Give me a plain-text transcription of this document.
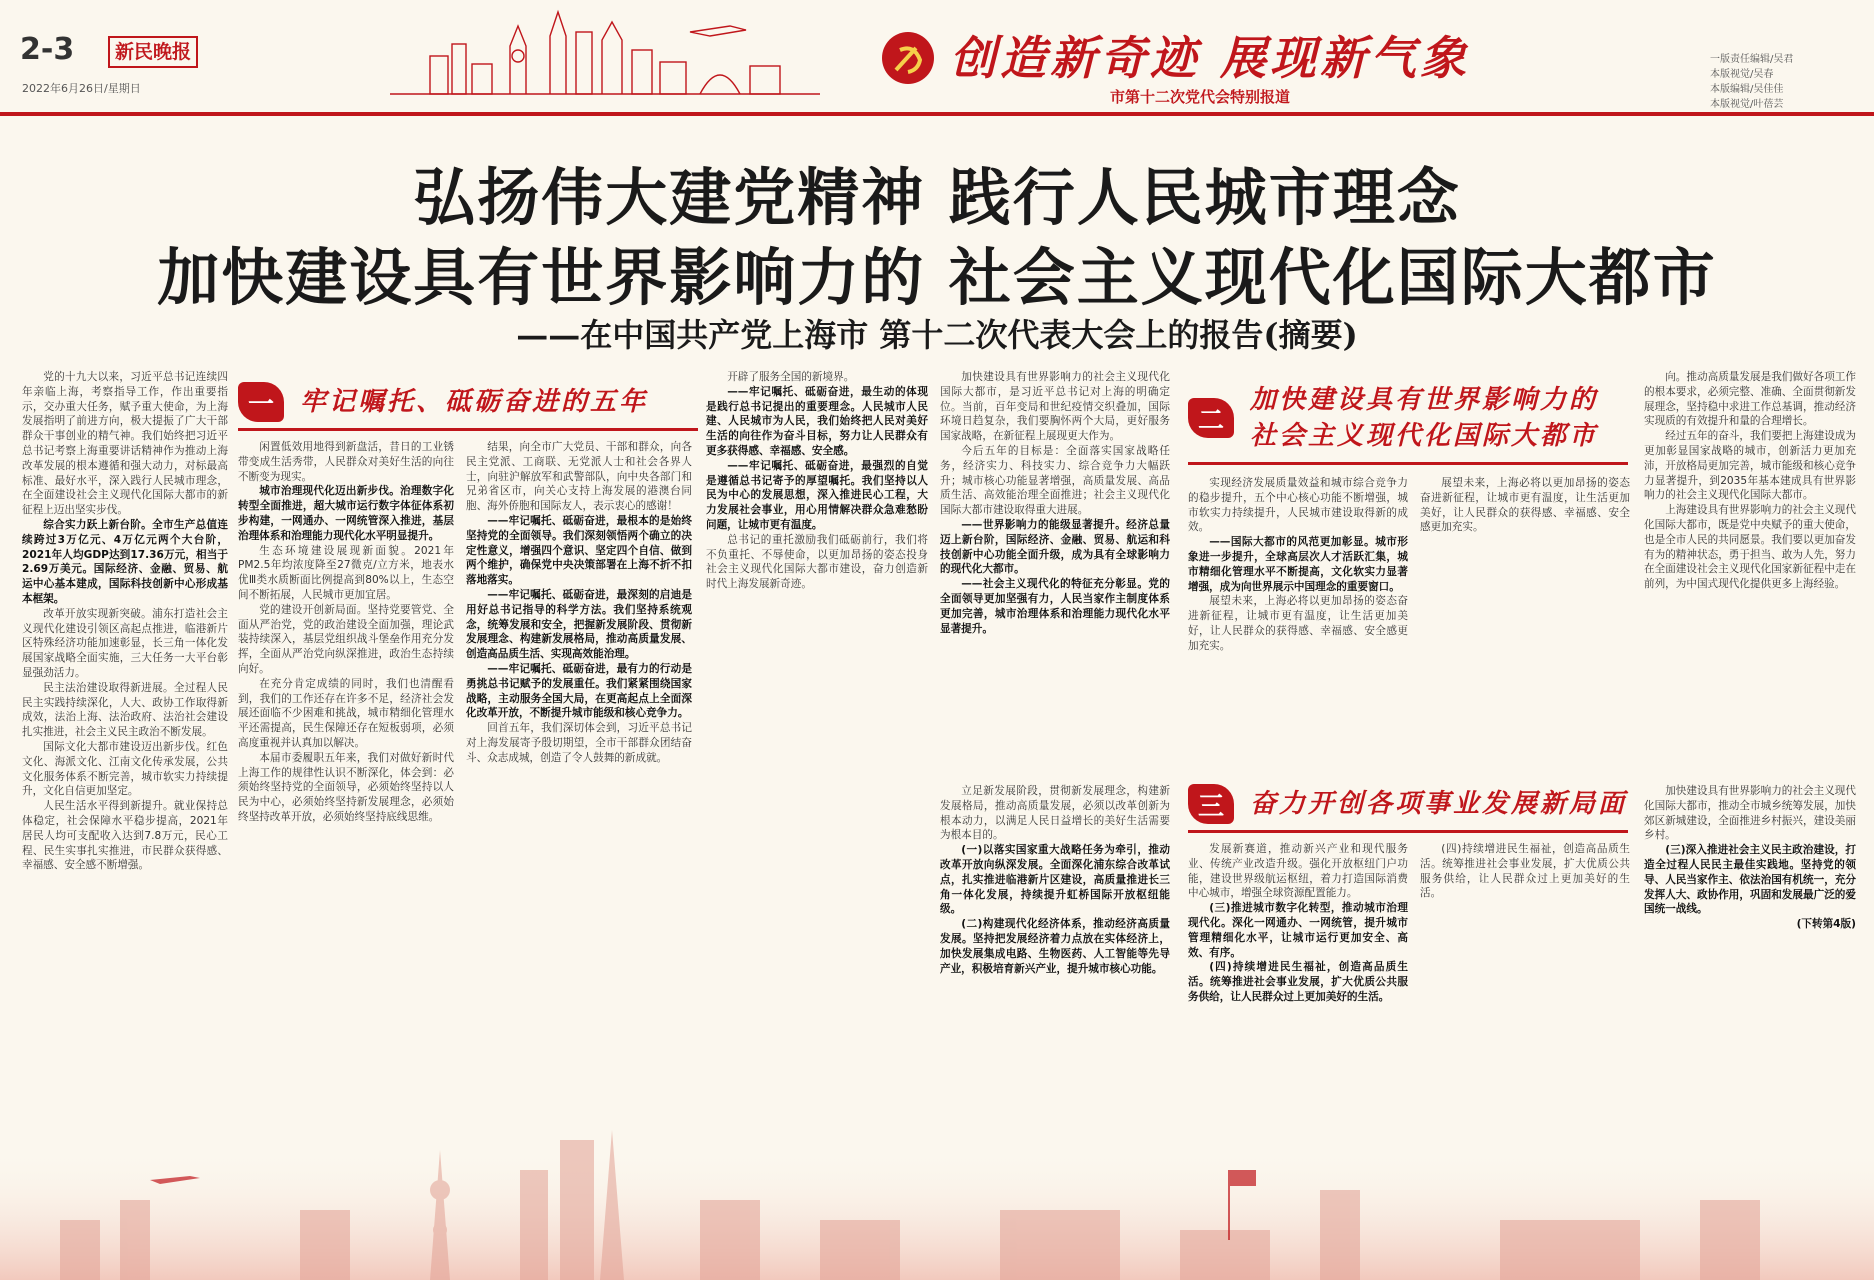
2-3	新民晚报
2022年6月26日/星期日
创造新奇迹 展现新气象
市第十二次党代会特别报道
一版责任编辑/吴君
本版视觉/吴春
本版编辑/吴佳佳
本版视觉/叶蓓芸
弘扬伟大建党精神 践行人民城市理念
加快建设具有世界影响力的 社会主义现代化国际大都市
——在中国共产党上海市 第十二次代表大会上的报告(摘要)
一	牢记嘱托、砥砺奋进的五年
二
加快建设具有世界影响力的
社会主义现代化国际大都市
三	奋力开创各项事业发展新局面

党的十九大以来，习近平总书记连续四年亲临上海，考察指导工作，作出重要指示，交办重大任务，赋予重大使命，为上海发展指明了前进方向，极大提振了广大干部群众干事创业的精气神。我们始终把习近平总书记考察上海重要讲话精神作为推动上海改革发展的根本遵循和强大动力，对标最高标准、最好水平，深入践行人民城市理念，在全面建设社会主义现代化国际大都市的新征程上迈出坚实步伐。

综合实力跃上新台阶。全市生产总值连续跨过3万亿元、4万亿元两个大台阶，2021年人均GDP达到17.36万元，相当于2.69万美元。国际经济、金融、贸易、航运中心基本建成，国际科技创新中心形成基本框架。

改革开放实现新突破。浦东打造社会主义现代化建设引领区高起点推进，临港新片区特殊经济功能加速彰显，长三角一体化发展国家战略全面实施，三大任务一大平台彰显强劲活力。

民主法治建设取得新进展。全过程人民民主实践持续深化，人大、政协工作取得新成效，法治上海、法治政府、法治社会建设扎实推进，社会主义民主政治不断发展。

国际文化大都市建设迈出新步伐。红色文化、海派文化、江南文化传承发展，公共文化服务体系不断完善，城市软实力持续提升，文化自信更加坚定。

人民生活水平得到新提升。就业保持总体稳定，社会保障水平稳步提高，2021年居民人均可支配收入达到7.8万元，民心工程、民生实事扎实推进，市民群众获得感、幸福感、安全感不断增强。

闲置低效用地得到新盘活，昔日的工业锈带变成生活秀带，人民群众对美好生活的向往不断变为现实。

城市治理现代化迈出新步伐。治理数字化转型全面推进，超大城市运行数字体征体系初步构建，一网通办、一网统管深入推进，基层治理体系和治理能力现代化水平明显提升。

生态环境建设展现新面貌。2021年PM2.5年均浓度降至27微克/立方米，地表水优Ⅲ类水质断面比例提高到80%以上，生态空间不断拓展，人民城市更加宜居。

党的建设开创新局面。坚持党要管党、全面从严治党，党的政治建设全面加强，理论武装持续深入，基层党组织战斗堡垒作用充分发挥，全面从严治党向纵深推进，政治生态持续向好。

在充分肯定成绩的同时，我们也清醒看到，我们的工作还存在许多不足，经济社会发展还面临不少困难和挑战，城市精细化管理水平还需提高，民生保障还存在短板弱项，必须高度重视并认真加以解决。

本届市委履职五年来，我们对做好新时代上海工作的规律性认识不断深化，体会到：必须始终坚持党的全面领导，必须始终坚持以人民为中心，必须始终坚持新发展理念，必须始终坚持改革开放，必须始终坚持底线思维。

结果，向全市广大党员、干部和群众，向各民主党派、工商联、无党派人士和社会各界人士，向驻沪解放军和武警部队，向中央各部门和兄弟省区市，向关心支持上海发展的港澳台同胞、海外侨胞和国际友人，表示衷心的感谢！

——牢记嘱托、砥砺奋进，最根本的是始终坚持党的全面领导。我们深刻领悟两个确立的决定性意义，增强四个意识、坚定四个自信、做到两个维护，确保党中央决策部署在上海不折不扣落地落实。

——牢记嘱托、砥砺奋进，最深刻的启迪是用好总书记指导的科学方法。我们坚持系统观念，统筹发展和安全，把握新发展阶段、贯彻新发展理念、构建新发展格局，推动高质量发展、创造高品质生活、实现高效能治理。

——牢记嘱托、砥砺奋进，最有力的行动是勇挑总书记赋予的发展重任。我们紧紧围绕国家战略，主动服务全国大局，在更高起点上全面深化改革开放，不断提升城市能级和核心竞争力。

回首五年，我们深切体会到，习近平总书记对上海发展寄予殷切期望，全市干部群众团结奋斗、众志成城，创造了令人鼓舞的新成就。

开辟了服务全国的新境界。

——牢记嘱托、砥砺奋进，最生动的体现是践行总书记提出的重要理念。人民城市人民建、人民城市为人民，我们始终把人民对美好生活的向往作为奋斗目标，努力让人民群众有更多获得感、幸福感、安全感。

——牢记嘱托、砥砺奋进，最强烈的自觉是遵循总书记寄予的厚望嘱托。我们坚持以人民为中心的发展思想，深入推进民心工程，大力发展社会事业，用心用情解决群众急难愁盼问题，让城市更有温度。

总书记的重托激励我们砥砺前行，我们将不负重托、不辱使命，以更加昂扬的姿态投身社会主义现代化国际大都市建设，奋力创造新时代上海发展新奇迹。

加快建设具有世界影响力的社会主义现代化国际大都市，是习近平总书记对上海的明确定位。当前，百年变局和世纪疫情交织叠加，国际环境日趋复杂，我们要胸怀两个大局，更好服务国家战略，在新征程上展现更大作为。

今后五年的目标是：全面落实国家战略任务，经济实力、科技实力、综合竞争力大幅跃升；城市核心功能显著增强，高质量发展、高品质生活、高效能治理全面推进；社会主义现代化国际大都市建设取得重大进展。

——世界影响力的能级显著提升。经济总量迈上新台阶，国际经济、金融、贸易、航运和科技创新中心功能全面升级，成为具有全球影响力的现代化大都市。

——社会主义现代化的特征充分彰显。党的全面领导更加坚强有力，人民当家作主制度体系更加完善，城市治理体系和治理能力现代化水平显著提升。

立足新发展阶段，贯彻新发展理念，构建新发展格局，推动高质量发展，必须以改革创新为根本动力，以满足人民日益增长的美好生活需要为根本目的。

(一)以落实国家重大战略任务为牵引，推动改革开放向纵深发展。全面深化浦东综合改革试点，扎实推进临港新片区建设，高质量推进长三角一体化发展，持续提升虹桥国际开放枢纽能级。

(二)构建现代化经济体系，推动经济高质量发展。坚持把发展经济着力点放在实体经济上，加快发展集成电路、生物医药、人工智能等先导产业，积极培育新兴产业，提升城市核心功能。

实现经济发展质量效益和城市综合竞争力的稳步提升，五个中心核心功能不断增强，城市软实力持续提升，人民城市建设取得新的成效。

——国际大都市的风范更加彰显。城市形象进一步提升，全球高层次人才活跃汇集，城市精细化管理水平不断提高，文化软实力显著增强，成为向世界展示中国理念的重要窗口。

展望未来，上海必将以更加昂扬的姿态奋进新征程，让城市更有温度，让生活更加美好，让人民群众的获得感、幸福感、安全感更加充实。

发展新赛道，推动新兴产业和现代服务业、传统产业改造升级。强化开放枢纽门户功能，建设世界级航运枢纽，着力打造国际消费中心城市，增强全球资源配置能力。

(三)推进城市数字化转型，推动城市治理现代化。深化一网通办、一网统管，提升城市管理精细化水平，让城市运行更加安全、高效、有序。

(四)持续增进民生福祉，创造高品质生活。统筹推进社会事业发展，扩大优质公共服务供给，让人民群众过上更加美好的生活。

展望未来，上海必将以更加昂扬的姿态奋进新征程，让城市更有温度，让生活更加美好，让人民群众的获得感、幸福感、安全感更加充实。

(四)持续增进民生福祉，创造高品质生活。统筹推进社会事业发展，扩大优质公共服务供给，让人民群众过上更加美好的生活。

向。推动高质量发展是我们做好各项工作的根本要求，必须完整、准确、全面贯彻新发展理念，坚持稳中求进工作总基调，推动经济实现质的有效提升和量的合理增长。

经过五年的奋斗，我们要把上海建设成为更加彰显国家战略的城市，创新活力更加充沛，开放格局更加完善，城市能级和核心竞争力显著提升，到2035年基本建成具有世界影响力的社会主义现代化国际大都市。

上海建设具有世界影响力的社会主义现代化国际大都市，既是党中央赋予的重大使命，也是全市人民的共同愿景。我们要以更加奋发有为的精神状态，勇于担当、敢为人先，努力在全面建设社会主义现代化国家新征程中走在前列，为中国式现代化提供更多上海经验。

加快建设具有世界影响力的社会主义现代化国际大都市，推动全市城乡统筹发展，加快郊区新城建设，全面推进乡村振兴，建设美丽乡村。

(三)深入推进社会主义民主政治建设，打造全过程人民民主最佳实践地。坚持党的领导、人民当家作主、依法治国有机统一，充分发挥人大、政协作用，巩固和发展最广泛的爱国统一战线。

(下转第4版)
